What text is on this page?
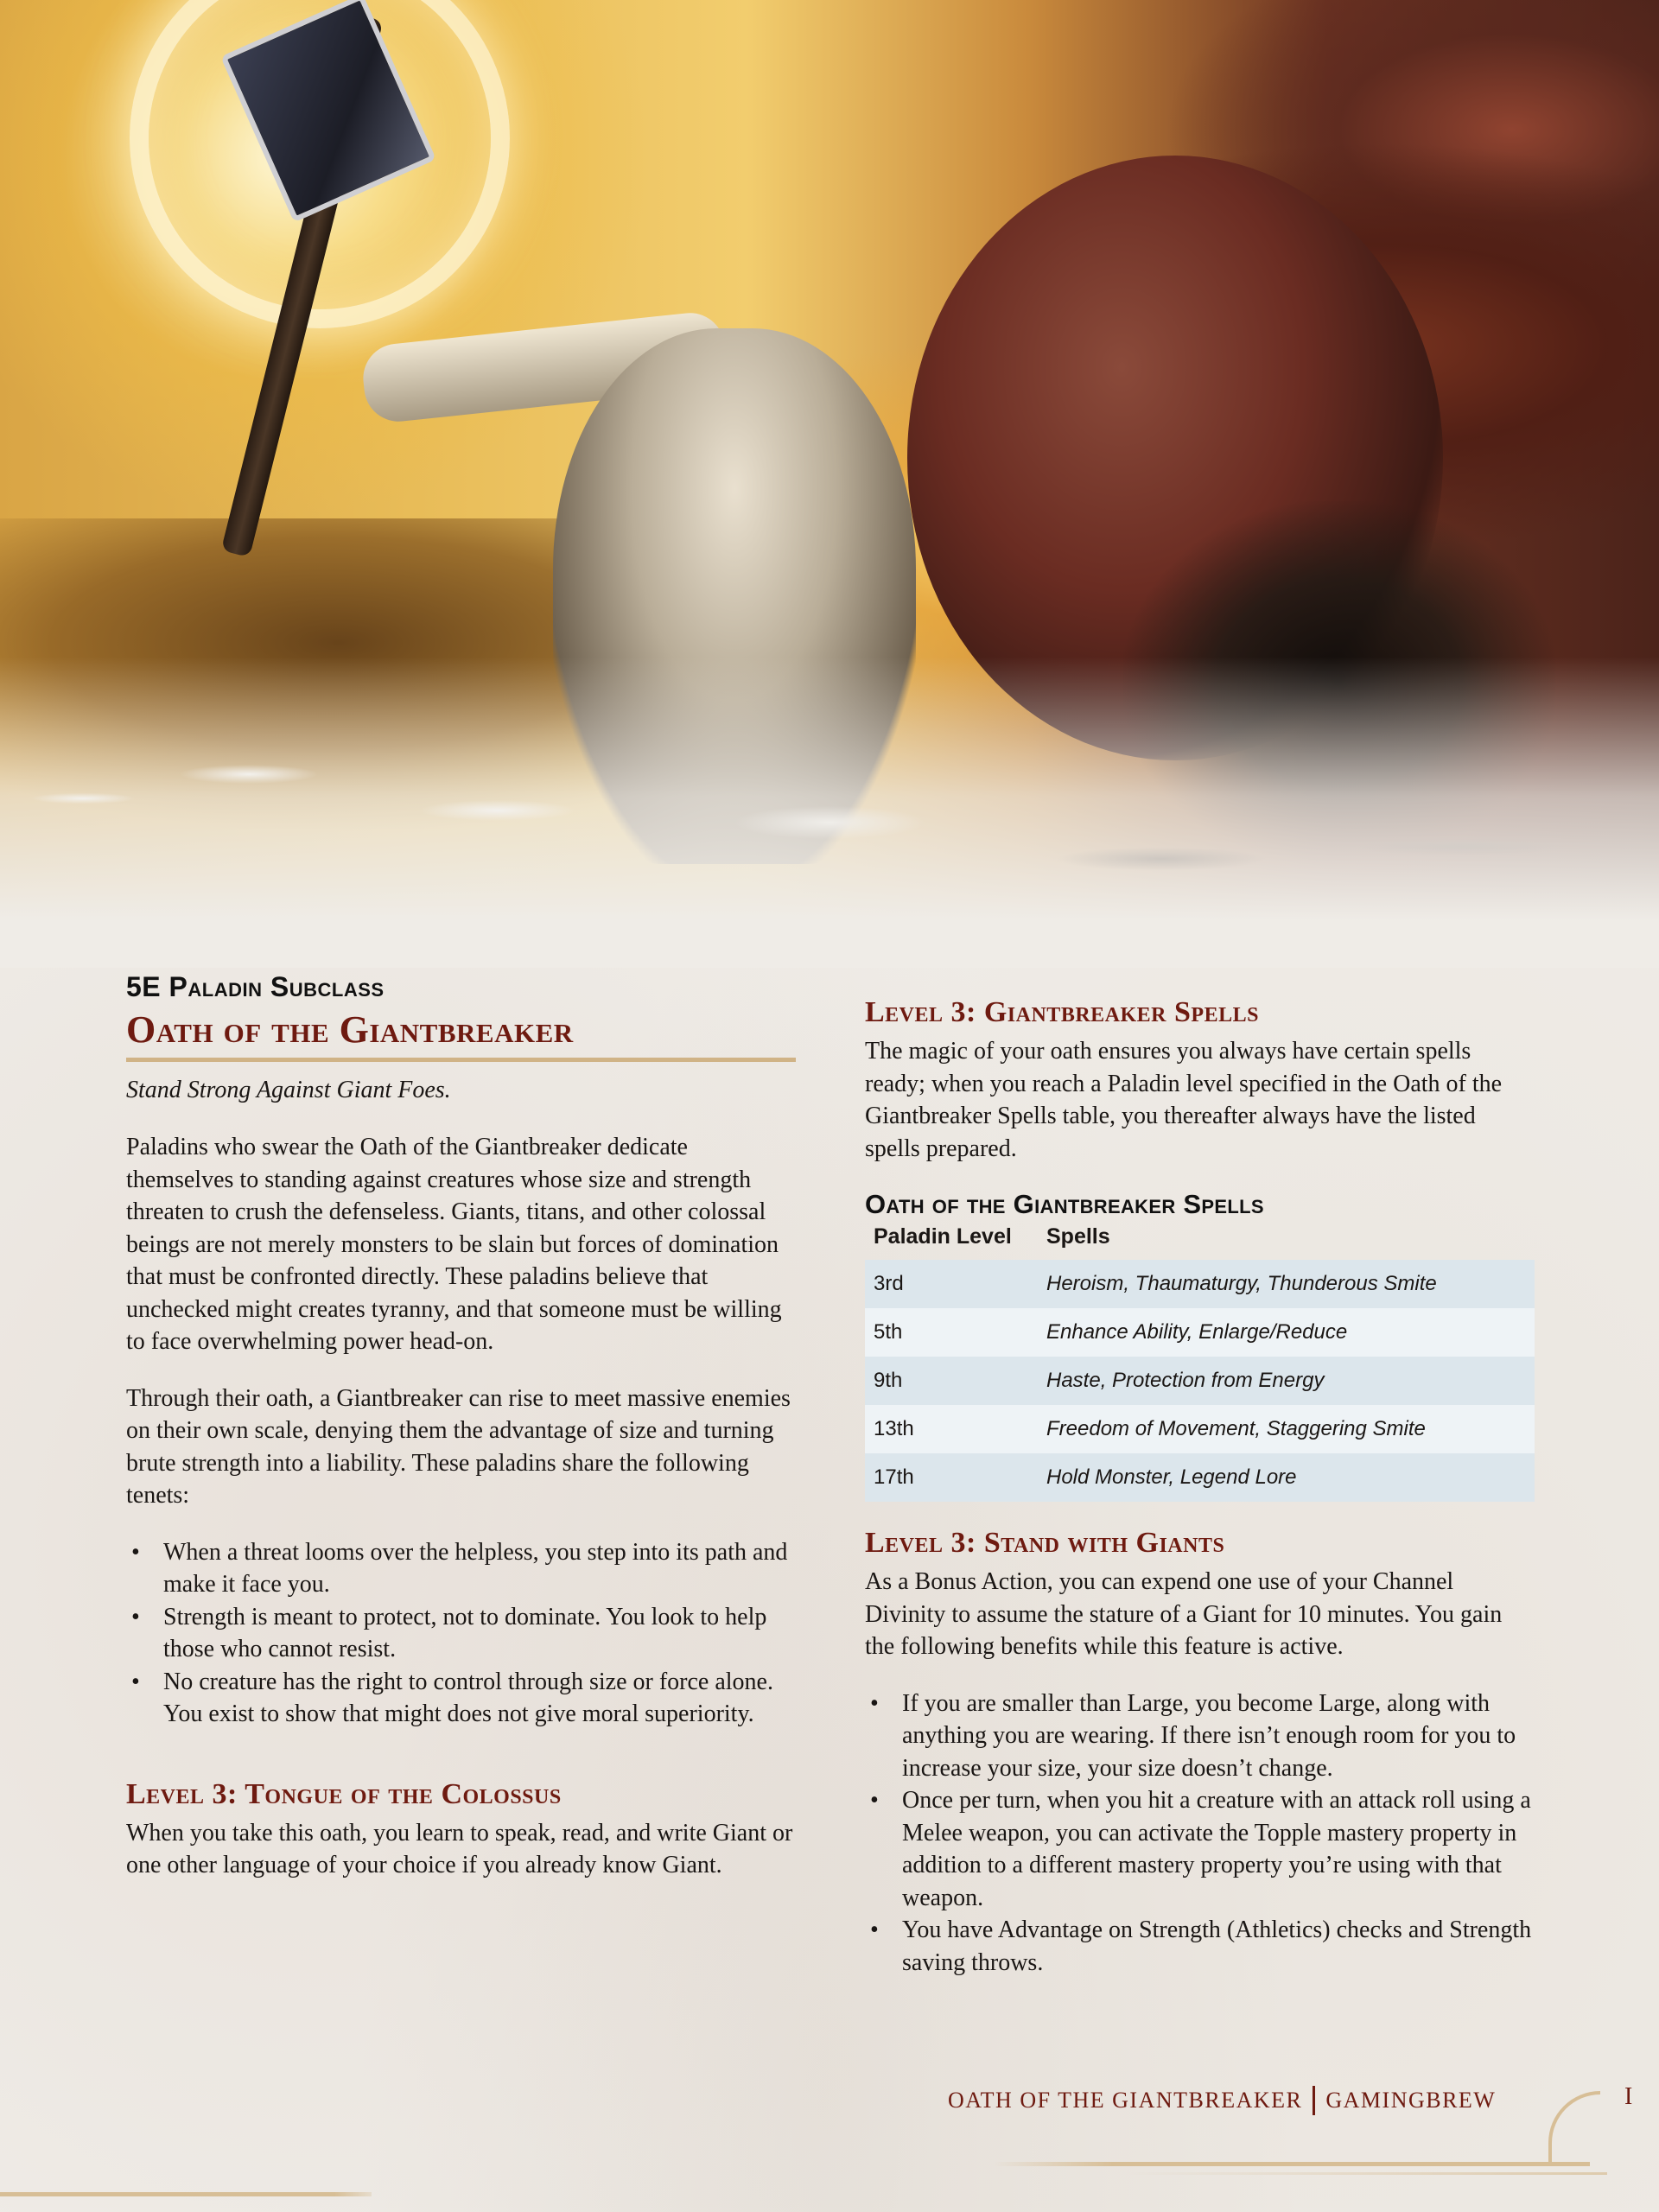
5E Paladin Subclass
Oath of the Giantbreaker
Stand Strong Against Giant Foes.

Paladins who swear the Oath of the Giantbreaker dedicate themselves to standing against creatures whose size and strength threaten to crush the defenseless. Giants, titans, and other colossal beings are not merely monsters to be slain but forces of domination that must be confronted directly. These paladins believe that unchecked might creates tyranny, and that someone must be willing to face overwhelming power head-on.

Through their oath, a Giantbreaker can rise to meet massive enemies on their own scale, denying them the advantage of size and turning brute strength into a liability. These paladins share the following tenets:

• When a threat looms over the helpless, you step into its path and make it face you.
• Strength is meant to protect, not to dominate. You look to help those who cannot resist.
• No creature has the right to control through size or force alone. You exist to show that might does not give moral superiority.
Level 3: Tongue of the Colossus

When you take this oath, you learn to speak, read, and write Giant or one other language of your choice if you already know Giant.

Level 3: Giantbreaker Spells

The magic of your oath ensures you always have certain spells ready; when you reach a Paladin level specified in the Oath of the Giantbreaker Spells table, you thereafter always have the listed spells prepared.

Oath of the Giantbreaker Spells
Paladin Level	Spells
3rd	Heroism, Thaumaturgy, Thunderous Smite
5th	Enhance Ability, Enlarge/Reduce
9th	Haste, Protection from Energy
13th	Freedom of Movement, Staggering Smite
17th	Hold Monster, Legend Lore
Level 3: Stand with Giants

As a Bonus Action, you can expend one use of your Channel Divinity to assume the stature of a Giant for 10 minutes. You gain the following benefits while this feature is active.

• If you are smaller than Large, you become Large, along with anything you are wearing. If there isn’t enough room for you to increase your size, your size doesn’t change.
• Once per turn, when you hit a creature with an attack roll using a Melee weapon, you can activate the Topple mastery property in addition to a different mastery property you’re using with that weapon.
• You have Advantage on Strength (Athletics) checks and Strength saving throws.
OATH OF THE GIANTBREAKER GAMINGBREW	I
